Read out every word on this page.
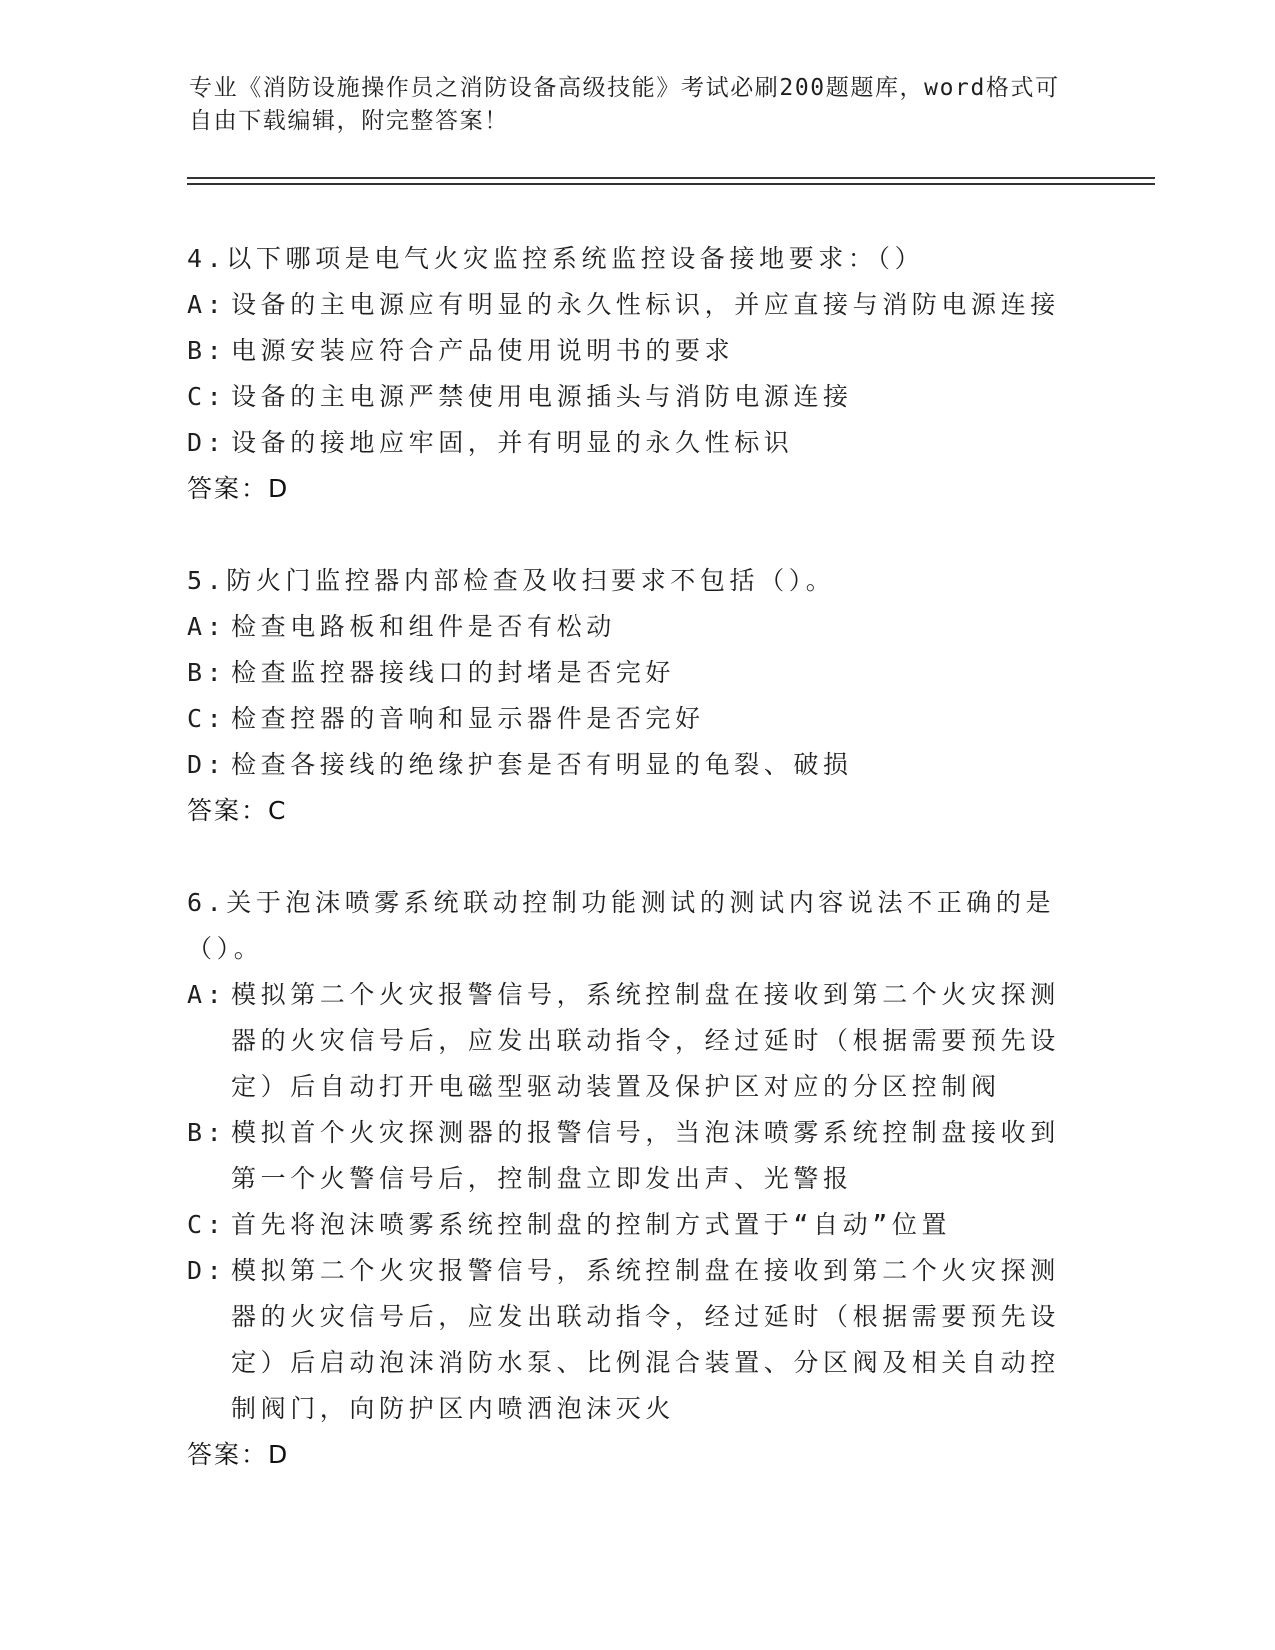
专业《消防设施操作员之消防设备高级技能》考试必刷200题题库，word格式可自由下载编辑，附完整答案！
4.以下哪项是电气火灾监控系统监控设备接地要求：（）
A: 设备的主电源应有明显的永久性标识，并应直接与消防电源连接
B: 电源安装应符合产品使用说明书的要求
C: 设备的主电源严禁使用电源插头与消防电源连接
D: 设备的接地应牢固，并有明显的永久性标识
答案：D
5.防火门监控器内部检查及收扫要求不包括（）。
A: 检查电路板和组件是否有松动
B: 检查监控器接线口的封堵是否完好
C: 检查控器的音响和显示器件是否完好
D: 检查各接线的绝缘护套是否有明显的龟裂、破损
答案：C
6.关于泡沫喷雾系统联动控制功能测试的测试内容说法不正确的是（）。
A: 模拟第二个火灾报警信号，系统控制盘在接收到第二个火灾探测器的火灾信号后，应发出联动指令，经过延时（根据需要预先设定）后自动打开电磁型驱动装置及保护区对应的分区控制阀
B: 模拟首个火灾探测器的报警信号，当泡沫喷雾系统控制盘接收到第一个火警信号后，控制盘立即发出声、光警报
C: 首先将泡沫喷雾系统控制盘的控制方式置于“自动”位置
D: 模拟第二个火灾报警信号，系统控制盘在接收到第二个火灾探测器的火灾信号后，应发出联动指令，经过延时（根据需要预先设定）后启动泡沫消防水泵、比例混合装置、分区阀及相关自动控制阀门，向防护区内喷洒泡沫灭火
答案：D
